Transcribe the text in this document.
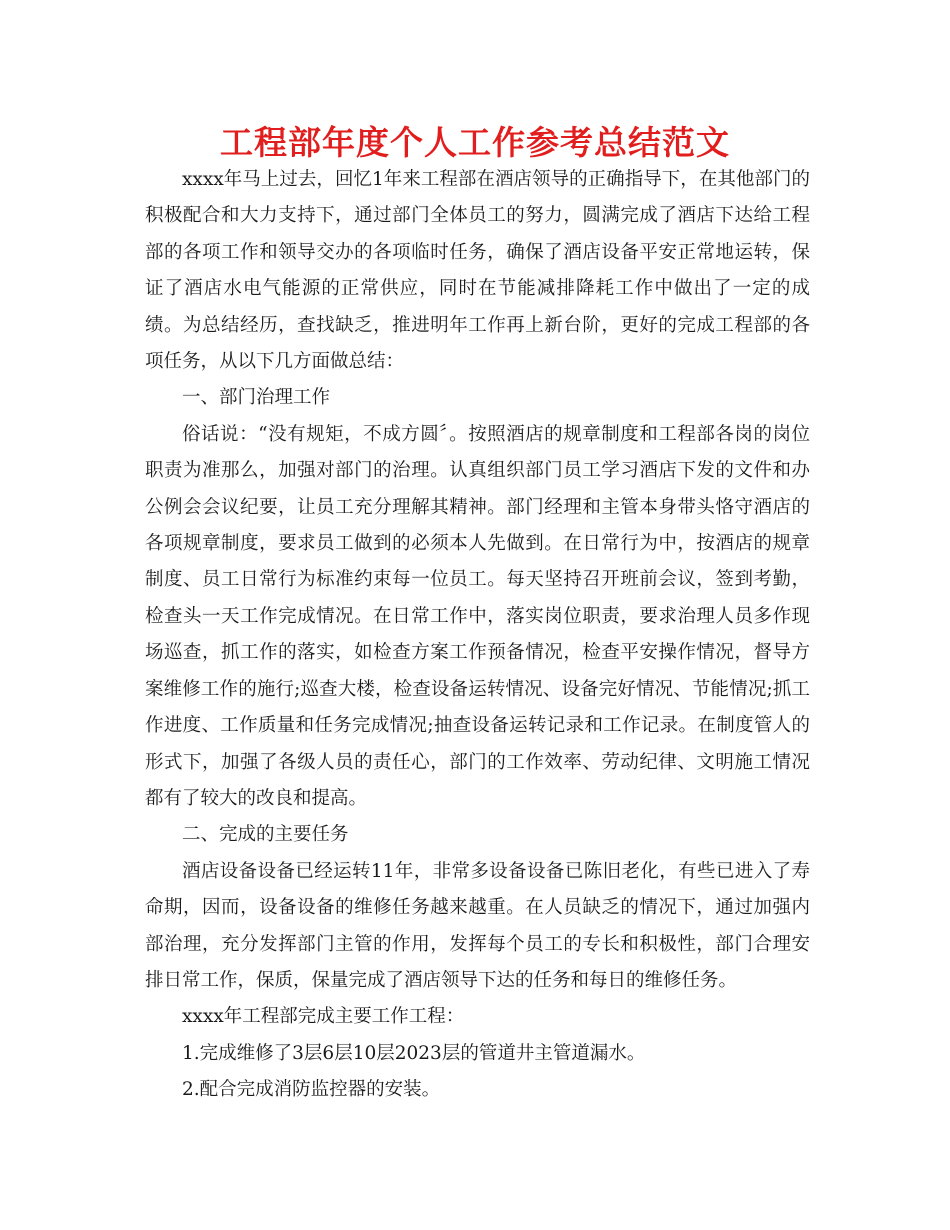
工程部年度个人工作参考总结范文

xxxx年马上过去，回忆1年来工程部在酒店领导的正确指导下，在其他部门的积极配合和大力支持下，通过部门全体员工的努力，圆满完成了酒店下达给工程部的各项工作和领导交办的各项临时任务，确保了酒店设备平安正常地运转，保证了酒店水电气能源的正常供应，同时在节能减排降耗工作中做出了一定的成绩。为总结经历，查找缺乏，推进明年工作再上新台阶，更好的完成工程部的各项任务，从以下几方面做总结：

一、部门治理工作

俗话说：“没有规矩，不成方圆〞。按照酒店的规章制度和工程部各岗的岗位职责为准那么，加强对部门的治理。认真组织部门员工学习酒店下发的文件和办公例会会议纪要，让员工充分理解其精神。部门经理和主管本身带头恪守酒店的各项规章制度，要求员工做到的必须本人先做到。在日常行为中，按酒店的规章制度、员工日常行为标准约束每一位员工。每天坚持召开班前会议，签到考勤，检查头一天工作完成情况。在日常工作中，落实岗位职责，要求治理人员多作现场巡查，抓工作的落实，如检查方案工作预备情况，检查平安操作情况，督导方案维修工作的施行;巡查大楼，检查设备运转情况、设备完好情况、节能情况;抓工作进度、工作质量和任务完成情况;抽查设备运转记录和工作记录。在制度管人的形式下，加强了各级人员的责任心，部门的工作效率、劳动纪律、文明施工情况都有了较大的改良和提高。

二、完成的主要任务

酒店设备设备已经运转11年，非常多设备设备已陈旧老化，有些已进入了寿命期，因而，设备设备的维修任务越来越重。在人员缺乏的情况下，通过加强内部治理，充分发挥部门主管的作用，发挥每个员工的专长和积极性，部门合理安排日常工作，保质，保量完成了酒店领导下达的任务和每日的维修任务。

xxxx年工程部完成主要工作工程：

1.完成维修了3层6层10层2023层的管道井主管道漏水。

2.配合完成消防监控器的安装。
